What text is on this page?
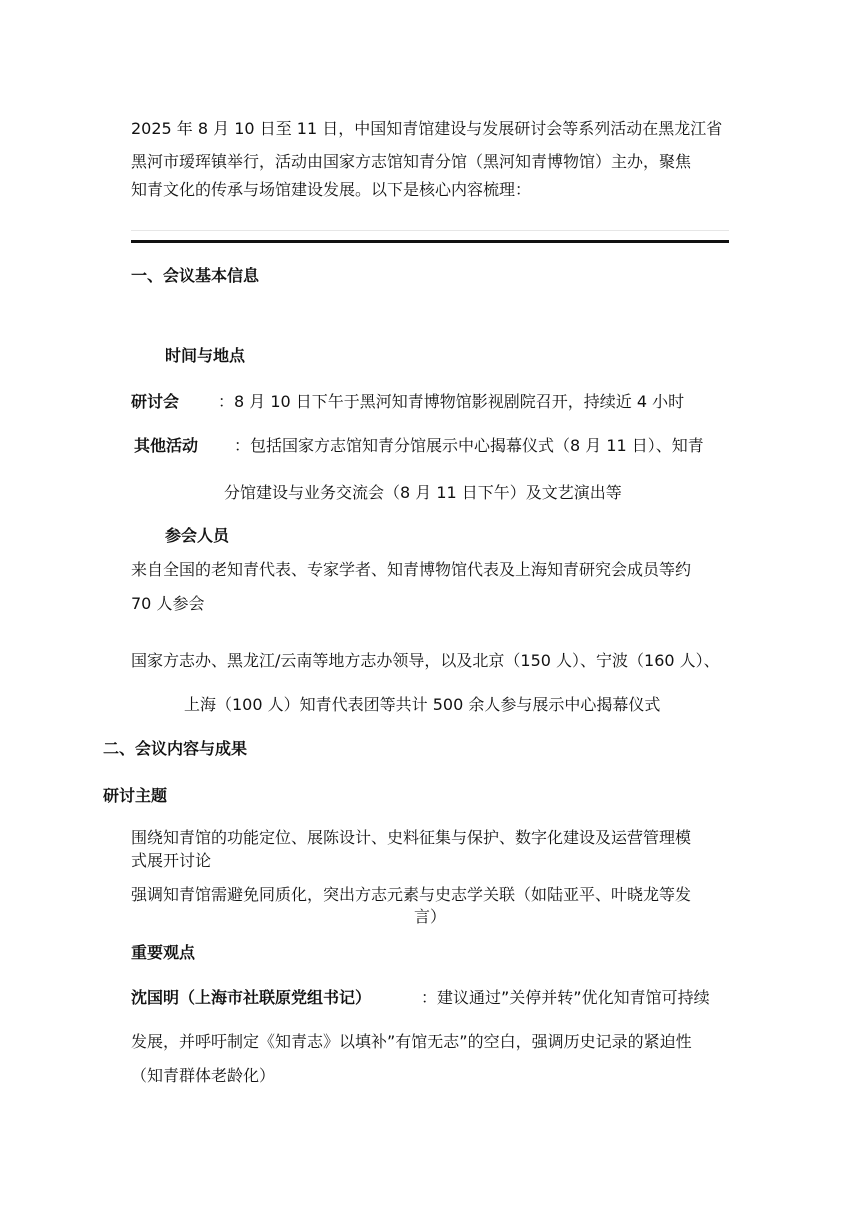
2025 年 8 月 10 日至 11 日，中国知青馆建设与发展研讨会等系列活动在黑龙江省

黑河市瑷珲镇举行，活动由国家方志馆知青分馆（黑河知青博物馆）主办，聚焦

知青文化的传承与场馆建设发展。以下是核心内容梳理：

一、会议基本信息

时间与地点

研讨会 ：8 月 10 日下午于黑河知青博物馆影视剧院召开，持续近 4 小时

其他活动 ：包括国家方志馆知青分馆展示中心揭幕仪式（8 月 11 日）、知青

分馆建设与业务交流会（8 月 11 日下午）及文艺演出等

参会人员

来自全国的老知青代表、专家学者、知青博物馆代表及上海知青研究会成员等约

70 人参会

国家方志办、黑龙江/云南等地方志办领导，以及北京（150 人）、宁波（160 人）、

上海（100 人）知青代表团等共计 500 余人参与展示中心揭幕仪式

二、会议内容与成果

研讨主题

围绕知青馆的功能定位、展陈设计、史料征集与保护、数字化建设及运营管理模

式展开讨论

强调知青馆需避免同质化，突出方志元素与史志学关联（如陆亚平、叶晓龙等发

言）

重要观点

沈国明（上海市社联原党组书记）	：建议通过”关停并转”优化知青馆可持续

发展，并呼吁制定《知青志》以填补”有馆无志”的空白，强调历史记录的紧迫性

（知青群体老龄化）
